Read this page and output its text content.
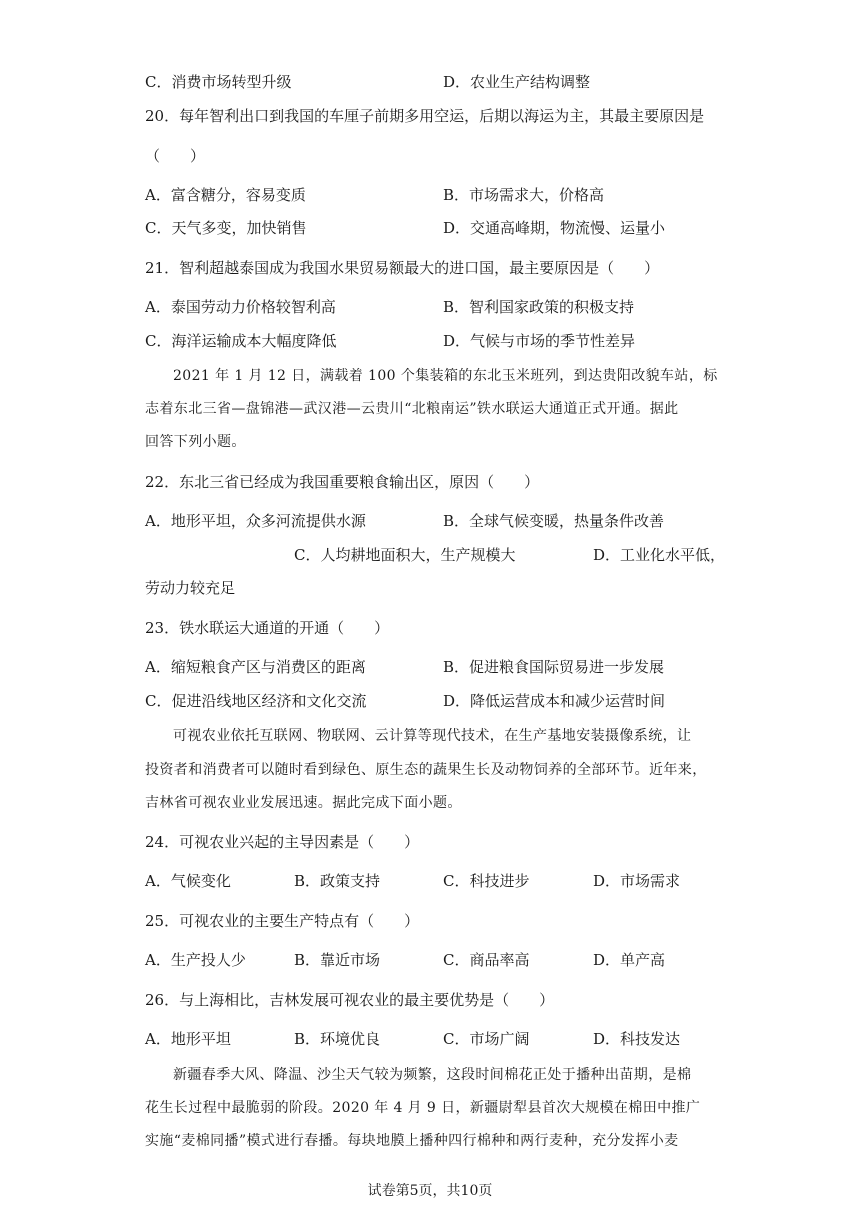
C．消费市场转型升级	D．农业生产结构调整
20．每年智利出口到我国的车厘子前期多用空运，后期以海运为主，其最主要原因是
（　　）
A．富含糖分，容易变质	B．市场需求大，价格高
C．天气多变，加快销售	D．交通高峰期，物流慢、运量小
21．智利超越泰国成为我国水果贸易额最大的进口国，最主要原因是（　　）
A．泰国劳动力价格较智利高	B．智利国家政策的积极支持
C．海洋运输成本大幅度降低	D．气候与市场的季节性差异
2021 年 1 月 12 日，满载着 100 个集装箱的东北玉米班列，到达贵阳改貌车站，标
志着东北三省—盘锦港—武汉港—云贵川“北粮南运”铁水联运大通道正式开通。据此
回答下列小题。
22．东北三省已经成为我国重要粮食输出区，原因（　　）
A．地形平坦，众多河流提供水源	B．全球气候变暖，热量条件改善
C．人均耕地面积大，生产规模大	D．工业化水平低，
劳动力较充足
23．铁水联运大通道的开通（　　）
A．缩短粮食产区与消费区的距离	B．促进粮食国际贸易进一步发展
C．促进沿线地区经济和文化交流	D．降低运营成本和减少运营时间
可视农业依托互联网、物联网、云计算等现代技术，在生产基地安装摄像系统，让
投资者和消费者可以随时看到绿色、原生态的蔬果生长及动物饲养的全部环节。近年来，
吉林省可视农业业发展迅速。据此完成下面小题。
24．可视农业兴起的主导因素是（　　）
A．气候变化	B．政策支持	C．科技进步	D．市场需求
25．可视农业的主要生产特点有（　　）
A．生产投人少	B．靠近市场	C．商品率高	D．单产高
26．与上海相比，吉林发展可视农业的最主要优势是（　　）
A．地形平坦	B．环境优良	C．市场广阔	D．科技发达
新疆春季大风、降温、沙尘天气较为频繁，这段时间棉花正处于播种出苗期，是棉
花生长过程中最脆弱的阶段。2020 年 4 月 9 日，新疆尉犁县首次大规模在棉田中推广
实施“麦棉同播”模式进行春播。每块地膜上播种四行棉种和两行麦种，充分发挥小麦
试卷第5页，共10页
